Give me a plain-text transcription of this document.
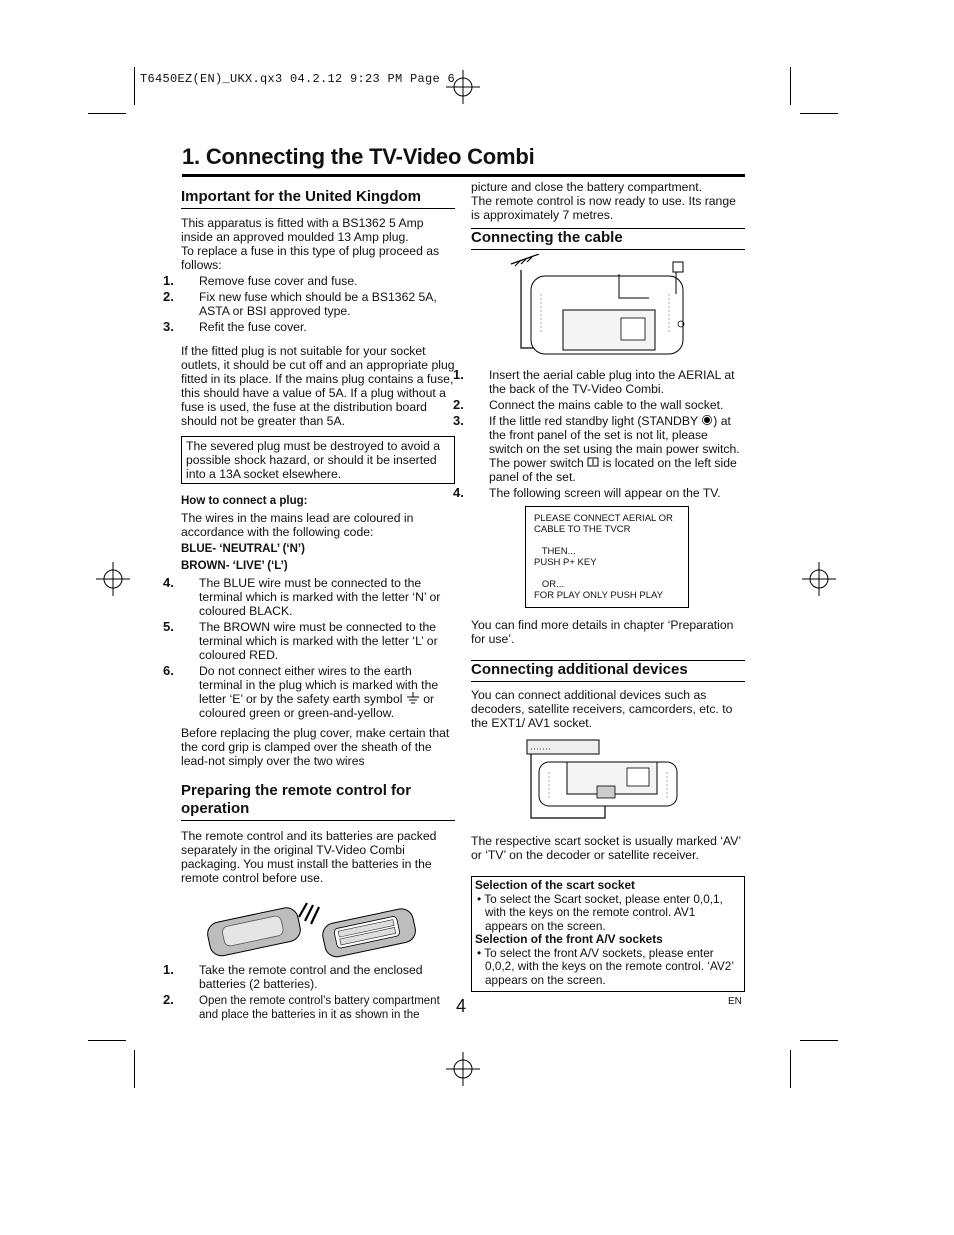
T6450EZ(EN)_UKX.qx3 04.2.12 9:23 PM Page 6
1. Connecting the TV-Video Combi
Important for the United Kingdom

This apparatus is fitted with a BS1362 5 Amp

inside an approved moulded 13 Amp plug.

To replace a fuse in this type of plug proceed as

follows:

1. Remove fuse cover and fuse.
2. Fix new fuse which should be a BS1362 5A, ASTA or BSI approved type.
3. Refit the fuse cover.

If the fitted plug is not suitable for your socket outlets, it should be cut off and an appropriate plug fitted in its place. If the mains plug contains a fuse, this should have a value of 5A. If a plug without a fuse is used, the fuse at the distribution board should not be greater than 5A.

The severed plug must be destroyed to avoid a possible shock hazard, or should it be inserted into a 13A socket elsewhere.

How to connect a plug:

The wires in the mains lead are coloured in accordance with the following code:

BLUE- ‘NEUTRAL’ (‘N’)

BROWN- ‘LIVE’ (‘L’)

4. The BLUE wire must be connected to the terminal which is marked with the letter ‘N’ or coloured BLACK.
5. The BROWN wire must be connected to the terminal which is marked with the letter ‘L’ or coloured RED.
6. Do not connect either wires to the earth terminal in the plug which is marked with the letter ‘E’ or by the safety earth symbol or coloured green or green-and-yellow.

Before replacing the plug cover, make certain that the cord grip is clamped over the sheath of the lead-not simply over the two wires

Preparing the remote control for operation

The remote control and its batteries are packed separately in the original TV-Video Combi packaging. You must install the batteries in the remote control before use.

1. Take the remote control and the enclosed batteries (2 batteries).
2. Open the remote control’s battery compartment and place the batteries in it as shown in the

picture and close the battery compartment.

The remote control is now ready to use. Its range is approximately 7 metres.

Connecting the cable
1. Insert the aerial cable plug into the AERIAL at the back of the TV-Video Combi.
2. Connect the mains cable to the wall socket.
3. If the little red standby light (STANDBY ) at the front panel of the set is not lit, please switch on the set using the main power switch. The power switch is located on the left side panel of the set.
4. The following screen will appear on the TV.
PLEASE CONNECT AERIAL OR
CABLE TO THE TVCR
THEN...
PUSH P+ KEY
OR...
FOR PLAY ONLY PUSH PLAY

You can find more details in chapter ‘Preparation for use’.

Connecting additional devices

You can connect additional devices such as decoders, satellite receivers, camcorders, etc. to the EXT1/ AV1 socket.

The respective scart socket is usually marked ‘AV’ or ‘TV’ on the decoder or satellite receiver.

Selection of the scart socket

• To select the Scart socket, please enter 0,0,1, with the keys on the remote control. AV1 appears on the screen.

Selection of the front A/V sockets

• To select the front A/V sockets, please enter 0,0,2, with the keys on the remote control. ‘AV2’ appears on the screen.

4	EN
